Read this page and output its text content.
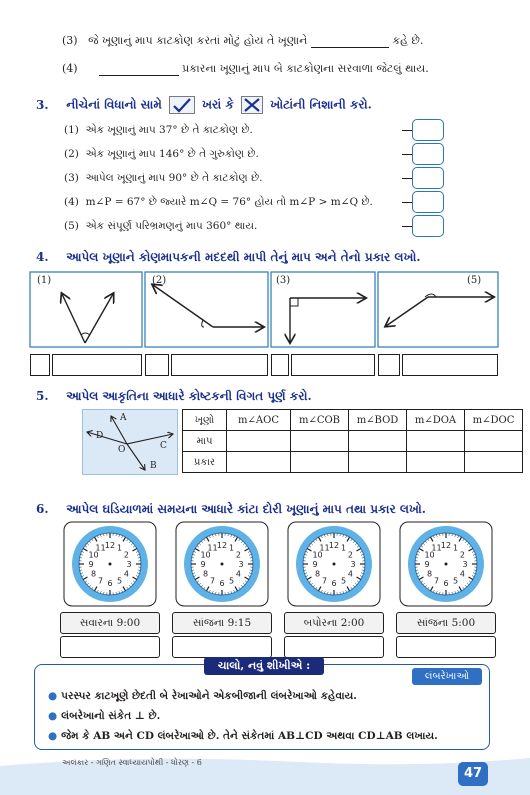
(3) જે ખૂણાનું માપ કાટકોણ કરતાં મોટું હોય તે ખૂણાને	કહે છે.
(4)	પ્રકારના ખૂણાનું માપ બે કાટકોણના સરવાળા જેટલું થાય.
3. નીચેનાં વિધાનો સામે	ખરાં કે	ખોટાંની નિશાની કરો.
(1) એક ખૂણાનું માપ 37° છે તે કાટકોણ છે.
(2) એક ખૂણાનું માપ 146° છે તે ગુરુકોણ છે.
(3) આપેલ ખૂણાનું માપ 90° છે તે કાટકોણ છે.
(4) m∠P = 67° છે જ્યારે m∠Q = 76° હોય તો m∠P > m∠Q છે.
(5) એક સંપૂર્ણ પરિભ્રમણનું માપ 360° થાય.
4. આપેલ ખૂણાને કોણમાપકની મદદથી માપી તેનું માપ અને તેનો પ્રકાર લખો.
(1)	(2)	(3)	(5)
5. આપેલ આકૃતિના આધારે કોષ્ટકની વિગત પૂર્ણ કરો.
A
D
O	C
B
ખૂણો	m∠AOC	m∠COB	m∠BOD	m∠DOA	m∠DOC
માપ					
પ્રકાર					
6. આપેલ ઘડિયાળમાં સમયના આધારે કાંટા દોરી ખૂણાનું માપ તથા પ્રકાર લખો.
12 1
2
3
4
5
6
7
8
9
10
11	12 1
2
3
4
5
6
7
8
9
10
11	12 1
2
3
4
5
6
7
8
9
10
11	12 1
2
3
4
5
6
7
8
9
10
11
સવારના 9:00	સાંજના 9:15	બપોરના 2:00	સાંજના 5:00
ચાલો, નવું શીખીએ :
લંબરેખાઓ
● પરસ્પર કાટખૂણે છેદતી બે રેખાઓને એકબીજાની લંબરેખાઓ કહેવાય.
● લંબરેખાનો સંકેત ⊥ છે.
● જેમ કે AB અને CD લંબરેખાઓ છે. તેને સંકેતમાં AB⊥CD અથવા CD⊥AB લખાય.
અલંકાર - ગણિત સ્વાધ્યાયપોથી - ધોરણ - 6
47
